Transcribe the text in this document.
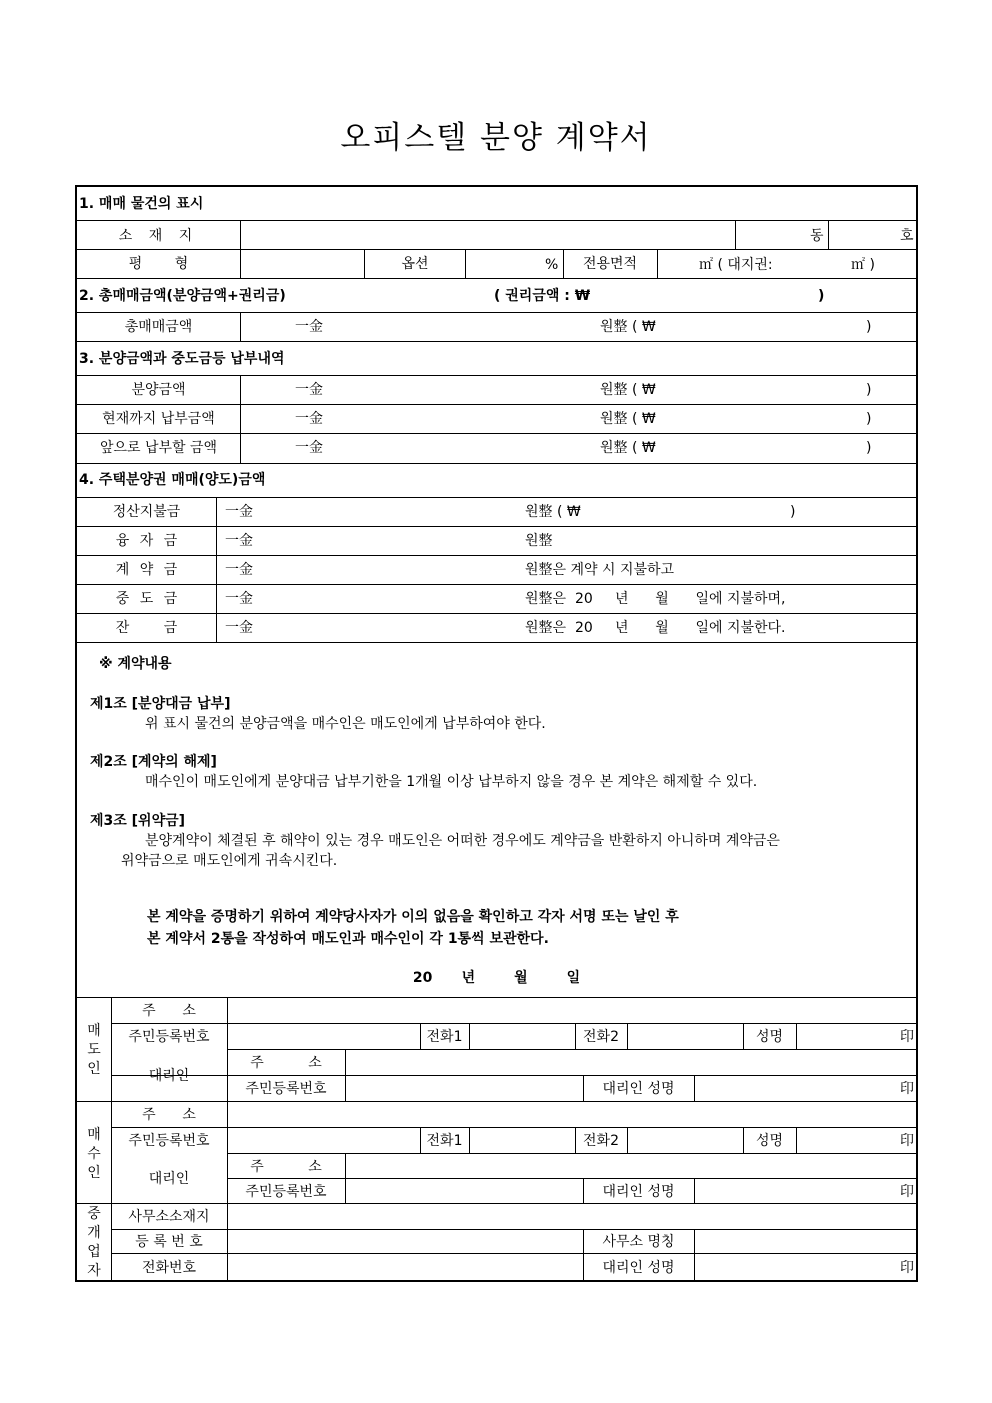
오피스텔 분양 계약서
1. 매매 물건의 표시
소 재 지	동	호
평 형	옵션	%	전용면적	㎡ ( 대지권:	㎡ )
2. 총매매금액(분양금액+권리금)	( 권리금액 : ₩	)
총매매금액	一金	원整 ( ₩	)
3. 분양금액과 중도금등 납부내역
분양금액	一金	원整 ( ₩	)
현재까지 납부금액	一金	원整 ( ₩	)
앞으로 납부할 금액	一金	원整 ( ₩	)
4. 주택분양권 매매(양도)금액
정산지불금	一金	원整 ( ₩	)
융 자 금	一金	원整
계 약 금	一金	원整은 계약 시 지불하고
중 도 금	一金	원整은  20     년      월      일에 지불하며,
잔 금	一金	원整은  20     년      월      일에 지불한다.
※ 계약내용
제1조 [분양대금 납부]
위 표시 물건의 분양금액을 매수인은 매도인에게 납부하여야 한다.
제2조 [계약의 해제]
매수인이 매도인에게 분양대금 납부기한을 1개월 이상 납부하지 않을 경우 본 계약은 해제할 수 있다.
제3조 [위약금]
분양계약이 체결된 후 해약이 있는 경우 매도인은 어떠한 경우에도 계약금을 반환하지 아니하며 계약금은
위약금으로 매도인에게 귀속시킨다.
본 계약을 증명하기 위하여 계약당사자가 이의 없음을 확인하고 각자 서명 또는 날인 후
본 계약서 2통을 작성하여 매도인과 매수인이 각 1통씩 보관한다.
20      년        월        일
매도인
주      소
주민등록번호	전화1	전화2	성명	印
대리인
주          소
주민등록번호	대리인 성명	印
매수인
주      소
주민등록번호	전화1	전화2	성명	印
대리인
주          소
주민등록번호	대리인 성명	印
중개업자
사무소소재지
등 록 번 호	사무소 명칭
전화번호	대리인 성명	印
